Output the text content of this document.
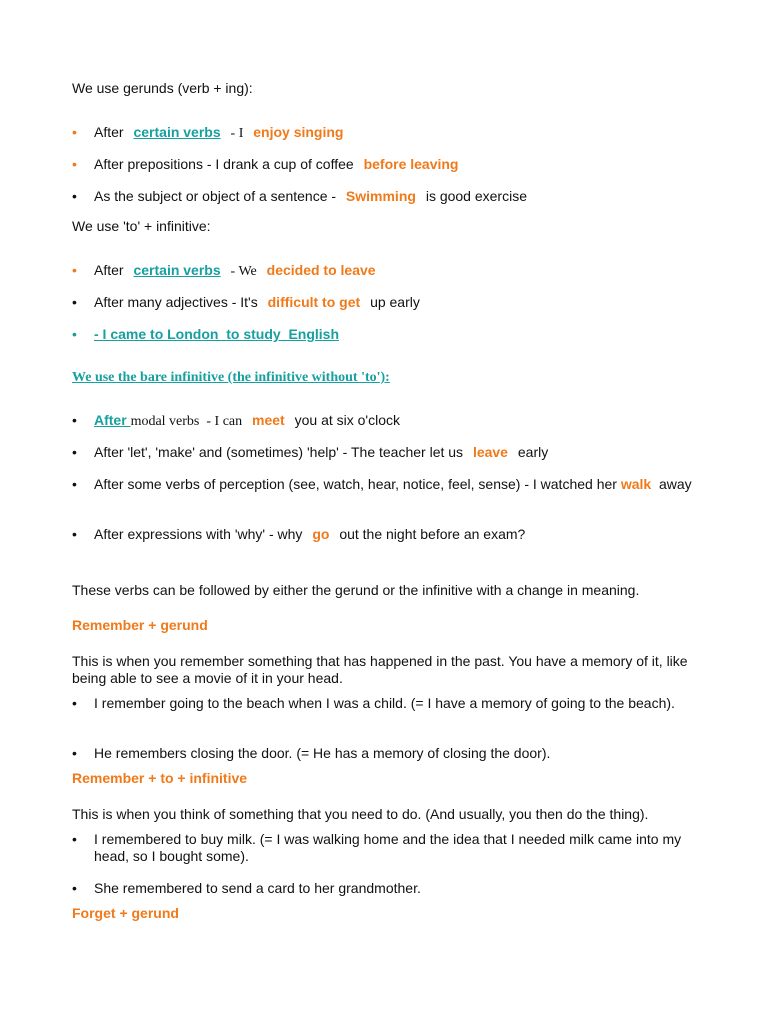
We use gerunds (verb + ing):
• After certain verbs - I enjoy singing
• After prepositions - I drank a cup of coffee before leaving
• As the subject or object of a sentence - Swimming is good exercise
We use 'to' + infinitive:
• After certain verbs - We decided to leave
• After many adjectives - It's difficult to get up early
• - I came to London  to study  English
We use the bare infinitive (the infinitive without 'to'):
• After modal verbs  - I can meet you at six o'clock
• After 'let', 'make' and (sometimes) 'help' - The teacher let us leave early
• After some verbs of perception (see, watch, hear, notice, feel, sense) - I watched her walk away
• After expressions with 'why' - why go out the night before an exam?
These verbs can be followed by either the gerund or the infinitive with a change in meaning.
Remember + gerund
This is when you remember something that has happened in the past. You have a memory of it, like being able to see a movie of it in your head.
• I remember going to the beach when I was a child. (= I have a memory of going to the beach).
• He remembers closing the door. (= He has a memory of closing the door).
Remember + to + infinitive
This is when you think of something that you need to do. (And usually, you then do the thing).
• I remembered to buy milk. (= I was walking home and the idea that I needed milk came into my head, so I bought some).
• She remembered to send a card to her grandmother.
Forget + gerund
